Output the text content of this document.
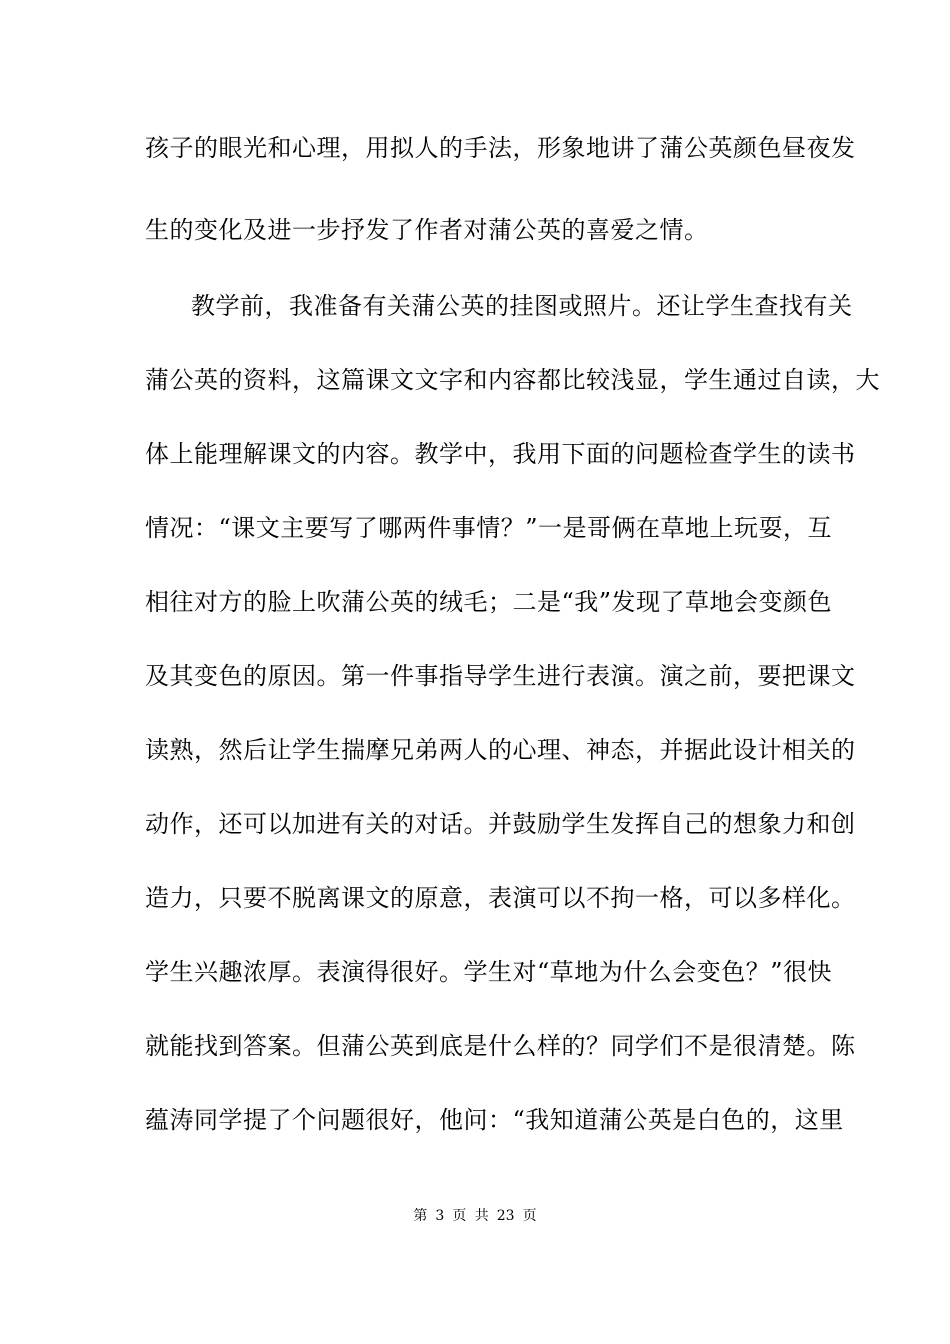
孩子的眼光和心理，用拟人的手法，形象地讲了蒲公英颜色昼夜发
生的变化及进一步抒发了作者对蒲公英的喜爱之情。
教学前，我准备有关蒲公英的挂图或照片。还让学生查找有关
蒲公英的资料，这篇课文文字和内容都比较浅显，学生通过自读，大
体上能理解课文的内容。教学中，我用下面的问题检查学生的读书
情况：“课文主要写了哪两件事情？”一是哥俩在草地上玩耍，互
相往对方的脸上吹蒲公英的绒毛；二是“我”发现了草地会变颜色
及其变色的原因。第一件事指导学生进行表演。演之前，要把课文
读熟，然后让学生揣摩兄弟两人的心理、神态，并据此设计相关的
动作，还可以加进有关的对话。并鼓励学生发挥自己的想象力和创
造力，只要不脱离课文的原意，表演可以不拘一格，可以多样化。
学生兴趣浓厚。表演得很好。学生对“草地为什么会变色？”很快
就能找到答案。但蒲公英到底是什么样的？同学们不是很清楚。陈
蕴涛同学提了个问题很好，他问：“我知道蒲公英是白色的，这里
第 3 页 共 23 页
